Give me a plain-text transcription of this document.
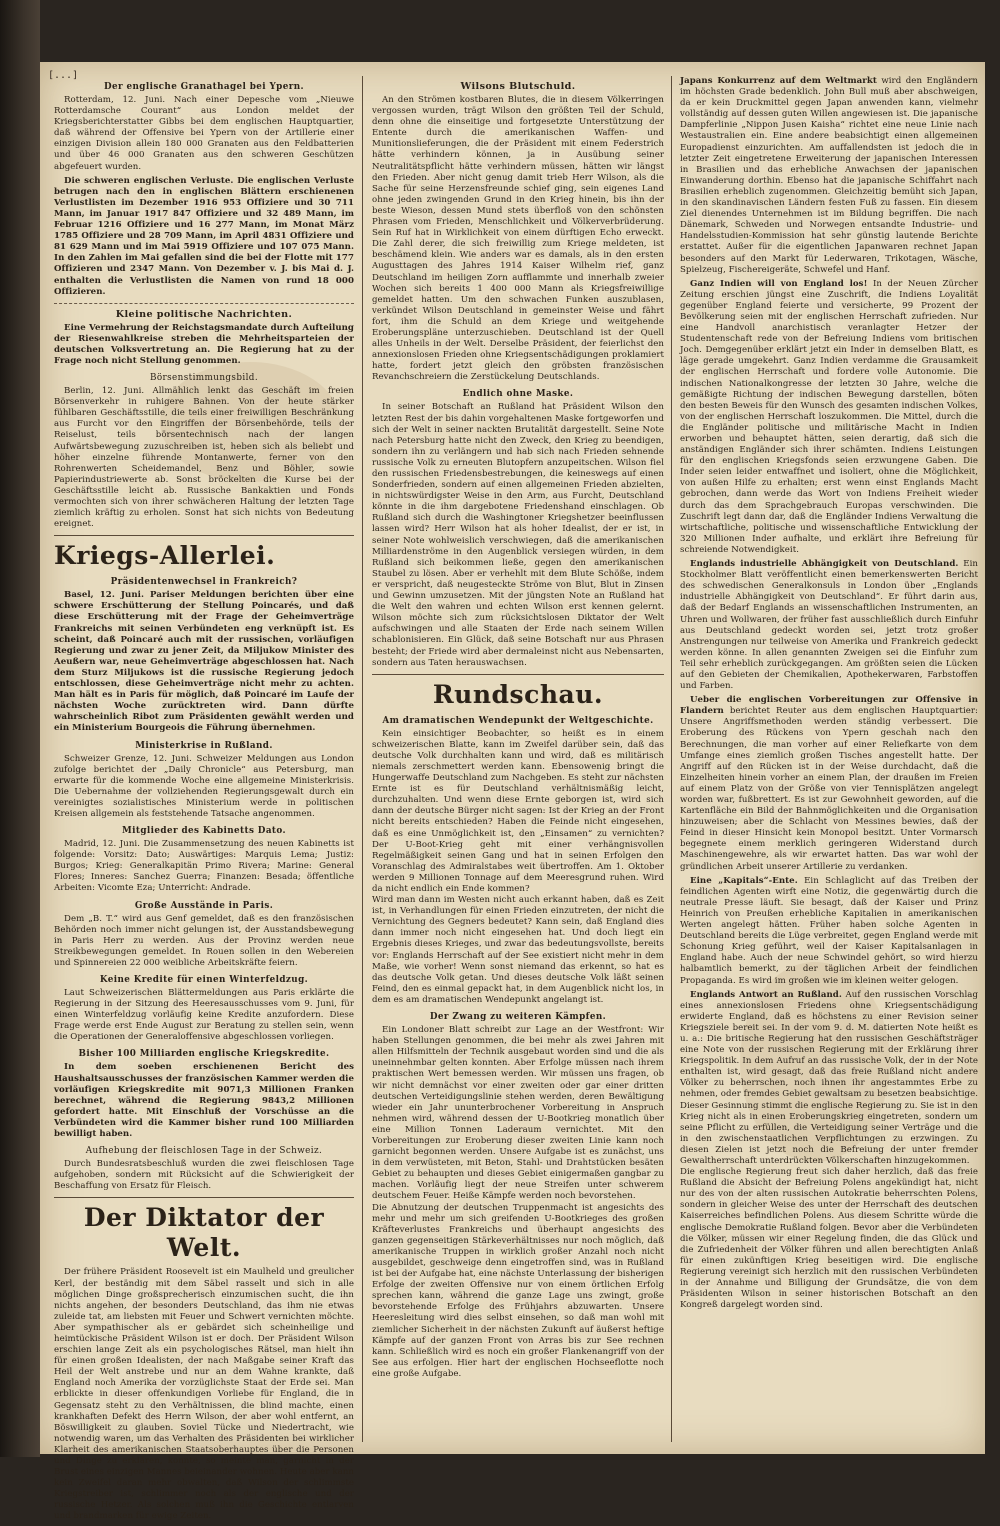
[...]
Der englische Granathagel bei Ypern.

Rotterdam, 12. Juni. Nach einer Depesche vom „Nieuwe Rotterdamsche Courant“ aus London meldet der Kriegsberichterstatter Gibbs bei dem englischen Hauptquartier, daß während der Offensive bei Ypern von der Artillerie einer einzigen Division allein 180 000 Granaten aus den Feldbatterien und über 46 000 Granaten aus den schweren Geschützen abgefeuert wurden.

Die schweren englischen Verluste. Die englischen Verluste betrugen nach den in englischen Blättern erschienenen Verlustlisten im Dezember 1916 953 Offiziere und 30 711 Mann, im Januar 1917 847 Offiziere und 32 489 Mann, im Februar 1216 Offiziere und 16 277 Mann, im Monat März 1785 Offiziere und 28 709 Mann, im April 4831 Offiziere und 81 629 Mann und im Mai 5919 Offiziere und 107 075 Mann. In den Zahlen im Mai gefallen sind die bei der Flotte mit 177 Offizieren und 2347 Mann. Von Dezember v. J. bis Mai d. J. enthalten die Verlustlisten die Namen von rund 18 000 Offizieren.

Kleine politische Nachrichten.

Eine Vermehrung der Reichstagsmandate durch Aufteilung der Riesenwahlkreise streben die Mehrheitsparteien der deutschen Volksvertretung an. Die Regierung hat zu der Frage noch nicht Stellung genommen.

Börsenstimmungsbild.

Berlin, 12. Juni. Allmählich lenkt das Geschäft im freien Börsenverkehr in ruhigere Bahnen. Von der heute stärker fühlbaren Geschäftsstille, die teils einer freiwilligen Beschränkung aus Furcht vor den Eingriffen der Börsenbehörde, teils der Reiselust, teils börsentechnisch nach der langen Aufwärtsbewegung zuzuschreiben ist, heben sich als beliebt und höher einzelne führende Montanwerte, ferner von den Rohrenwerten Scheidemandel, Benz und Böhler, sowie Papierindustriewerte ab. Sonst bröckelten die Kurse bei der Geschäftsstille leicht ab. Russische Bankaktien und Fonds vermochten sich von ihrer schwächeren Haltung der letzten Tage ziemlich kräftig zu erholen. Sonst hat sich nichts von Bedeutung ereignet.

Kriegs-Allerlei.
Präsidentenwechsel in Frankreich?

Basel, 12. Juni. Pariser Meldungen berichten über eine schwere Erschütterung der Stellung Poincarés, und daß diese Erschütterung mit der Frage der Geheimverträge Frankreichs mit seinen Verbündeten eng verknüpft ist. Es scheint, daß Poincaré auch mit der russischen, vorläufigen Regierung und zwar zu jener Zeit, da Miljukow Minister des Aeußern war, neue Geheimverträge abgeschlossen hat. Nach dem Sturz Miljukows ist die russische Regierung jedoch entschlossen, diese Geheimverträge nicht mehr zu achten. Man hält es in Paris für möglich, daß Poincaré im Laufe der nächsten Woche zurücktreten wird. Dann dürfte wahrscheinlich Ribot zum Präsidenten gewählt werden und ein Ministerium Bourgeois die Führung übernehmen.

Ministerkrise in Rußland.

Schweizer Grenze, 12. Juni. Schweizer Meldungen aus London zufolge berichtet der „Daily Chronicle“ aus Petersburg, man erwarte für die kommende Woche eine allgemeine Ministerkrisis. Die Uebernahme der vollziehenden Regierungsgewalt durch ein vereinigtes sozialistisches Ministerium werde in politischen Kreisen allgemein als feststehende Tatsache angenommen.

Mitglieder des Kabinetts Dato.

Madrid, 12. Juni. Die Zusammensetzung des neuen Kabinetts ist folgende: Vorsitz: Dato; Auswärtiges: Marquis Lema; Justiz: Burgos; Krieg: Generalkapitän Primo Rivera; Marine: General Flores; Inneres: Sanchez Guerra; Finanzen: Besada; öffentliche Arbeiten: Vicomte Eza; Unterricht: Andrade.

Große Ausstände in Paris.

Dem „B. T.“ wird aus Genf gemeldet, daß es den französischen Behörden noch immer nicht gelungen ist, der Ausstandsbewegung in Paris Herr zu werden. Aus der Provinz werden neue Streikbewegungen gemeldet. In Rouen sollen in den Webereien und Spinnereien 22 000 weibliche Arbeitskräfte feiern.

Keine Kredite für einen Winterfeldzug.

Laut Schweizerischen Blättermeldungen aus Paris erklärte die Regierung in der Sitzung des Heeresausschusses vom 9. Juni, für einen Winterfeldzug vorläufig keine Kredite anzufordern. Diese Frage werde erst Ende August zur Beratung zu stellen sein, wenn die Operationen der Generaloffensive abgeschlossen vorliegen.

Bisher 100 Milliarden englische Kriegskredite.

In dem soeben erschienenen Bericht des Haushaltsausschusses der französischen Kammer werden die vorläufigen Kriegskredite mit 9071,3 Millionen Franken berechnet, während die Regierung 9843,2 Millionen gefordert hatte. Mit Einschluß der Vorschüsse an die Verbündeten wird die Kammer bisher rund 100 Milliarden bewilligt haben.

Aufhebung der fleischlosen Tage in der Schweiz.

Durch Bundesratsbeschluß wurden die zwei fleischlosen Tage aufgehoben, sondern mit Rücksicht auf die Schwierigkeit der Beschaffung von Ersatz für Fleisch.

Der Diktator der Welt.

Der frühere Präsident Roosevelt ist ein Maulheld und greulicher Kerl, der beständig mit dem Säbel rasselt und sich in alle möglichen Dinge großsprecherisch einzumischen sucht, die ihn nichts angehen, der besonders Deutschland, das ihm nie etwas zuleide tat, am liebsten mit Feuer und Schwert vernichten möchte. Aber sympathischer als er gebärdet sich scheinheilige und heimtückische Präsident Wilson ist er doch. Der Präsident Wilson erschien lange Zeit als ein psychologisches Rätsel, man hielt ihn für einen großen Idealisten, der nach Maßgabe seiner Kraft das Heil der Welt anstrebe und nur an dem Wahne krankte, daß England noch Amerika der vorzüglichste Staat der Erde sei. Man erblickte in dieser offenkundigen Vorliebe für England, die in Gegensatz steht zu den Verhältnissen, die blind machte, einen krankhaften Defekt des Herrn Wilson, der aber wohl entfernt, an Böswilligkeit zu glauben. Soviel Tücke und Niedertracht, wie notwendig waren, um das Verhalten des Präsidenten bei wirklicher Klarheit des amerikanischen Staatsoberhauptes über die Personen und Dinge zu erklären, konnte, so meinte man, garnicht in der Brust eines einzigen Mannes beieinander wohnen. Heute aber kann kein Zweifel daran mehr obwalten, daß Wilson der schlimmste Kriegstreiber ist, schlimmer noch als der englische und der russische Hetzer. Als solchen muß ihn die Geschichte entlarven und brandmarken für ewige Zeiten.

Wilsons Blutschuld.

An den Strömen kostbaren Blutes, die in diesem Völkerringen vergossen wurden, trägt Wilson den größten Teil der Schuld, denn ohne die einseitige und fortgesetzte Unterstützung der Entente durch die amerikanischen Waffen- und Munitionslieferungen, die der Präsident mit einem Federstrich hätte verhindern können, ja in Ausübung seiner Neutralitätspflicht hätte verhindern müssen, hätten wir längst den Frieden. Aber nicht genug damit trieb Herr Wilson, als die Sache für seine Herzensfreunde schief ging, sein eigenes Land ohne jeden zwingenden Grund in den Krieg hinein, bis ihn der beste Wieson, dessen Mund stets überfloß von den schönsten Phrasen vom Frieden, Menschlichkeit und Völkerverbrüderung. Sein Ruf hat in Wirklichkeit von einem dürftigen Echo erweckt. Die Zahl derer, die sich freiwillig zum Kriege meldeten, ist beschämend klein. Wie anders war es damals, als in den ersten Augusttagen des Jahres 1914 Kaiser Wilhelm rief, ganz Deutschland im heiligen Zorn aufflammte und innerhalb zweier Wochen sich bereits 1 400 000 Mann als Kriegsfreiwillige gemeldet hatten. Um den schwachen Funken auszublasen, verkündet Wilson Deutschland in gemeinster Weise und fährt fort, ihm die Schuld an dem Kriege und weitgehende Eroberungspläne unterzuschieben. Deutschland ist der Quell alles Unheils in der Welt. Derselbe Präsident, der feierlichst den annexionslosen Frieden ohne Kriegsentschädigungen proklamiert hatte, fordert jetzt gleich den gröbsten französischen Revanchschreiern die Zerstückelung Deutschlands.

Endlich ohne Maske.

In seiner Botschaft an Rußland hat Präsident Wilson den letzten Rest der bis dahin vorgehaltenen Maske fortgeworfen und sich der Welt in seiner nackten Brutalität dargestellt. Seine Note nach Petersburg hatte nicht den Zweck, den Krieg zu beendigen, sondern ihn zu verlängern und hab sich nach Frieden sehnende russische Volk zu erneuten Blutopfern anzupeitschen. Wilson fiel den russischen Friedensbestrebungen, die keineswegs auf einen Sonderfrieden, sondern auf einen allgemeinen Frieden abzielten, in nichtswürdigster Weise in den Arm, aus Furcht, Deutschland könnte in die ihm dargebotene Friedenshand einschlagen. Ob Rußland sich durch die Washingtoner Kriegshetzer beeinflussen lassen wird? Herr Wilson hat als hoher Idealist, der er ist, in seiner Note wohlweislich verschwiegen, daß die amerikanischen Milliardenströme in den Augenblick versiegen würden, in dem Rußland sich beikommen ließe, gegen den amerikanischen Staubel zu lösen. Aber er verhehlt mit dem Blute Schöße, indem er verspricht, daß neugesteckte Ströme von Blut, Blut in Zinsen und Gewinn umzusetzen. Mit der jüngsten Note an Rußland hat die Welt den wahren und echten Wilson erst kennen gelernt. Wilson möchte sich zum rücksichtslosen Diktator der Welt aufschwingen und alle Staaten der Erde nach seinem Willen schablonisieren. Ein Glück, daß seine Botschaft nur aus Phrasen besteht; der Friede wird aber dermaleinst nicht aus Nebensarten, sondern aus Taten herauswachsen.

Rundschau.
Am dramatischen Wendepunkt der Weltgeschichte.

Kein einsichtiger Beobachter, so heißt es in einem schweizerischen Blatte, kann im Zweifel darüber sein, daß das deutsche Volk durchhalten kann und wird, daß es militärisch niemals zerschmettert werden kann. Ebensowenig bringt die Hungerwaffe Deutschland zum Nachgeben. Es steht zur nächsten Ernte ist es für Deutschland verhältnismäßig leicht, durchzuhalten. Und wenn diese Ernte geborgen ist, wird sich dann der deutsche Bürger nicht sagen: Ist der Krieg an der Front nicht bereits entschieden? Haben die Feinde nicht eingesehen, daß es eine Unmöglichkeit ist, den „Einsamen“ zu vernichten? Der U-Boot-Krieg geht mit einer verhängnisvollen Regelmäßigkeit seinen Gang und hat in seinen Erfolgen den Voranschlag des Admiralstabes weit übertroffen. Am 1. Oktober werden 9 Millionen Tonnage auf dem Meeresgrund ruhen. Wird da nicht endlich ein Ende kommen?
Wird man dann im Westen nicht auch erkannt haben, daß es Zeit ist, in Verhandlungen für einen Frieden einzutreten, der nicht die Vernichtung des Gegners bedeutet? Kann sein, daß England dies dann immer noch nicht eingesehen hat. Und doch liegt ein Ergebnis dieses Krieges, und zwar das bedeutungsvollste, bereits vor: Englands Herrschaft auf der See existiert nicht mehr in dem Maße, wie vorher! Wenn sonst niemand das erkennt, so hat es das deutsche Volk getan. Und dieses deutsche Volk läßt seinen Feind, den es einmal gepackt hat, in dem Augenblick nicht los, in dem es am dramatischen Wendepunkt angelangt ist.

Der Zwang zu weiteren Kämpfen.

Ein Londoner Blatt schreibt zur Lage an der Westfront: Wir haben Stellungen genommen, die bei mehr als zwei Jahren mit allen Hilfsmitteln der Technik ausgebaut worden sind und die als uneinnehmbar gelten konnten. Aber Erfolge müssen nach ihrem praktischen Wert bemessen werden. Wir müssen uns fragen, ob wir nicht demnächst vor einer zweiten oder gar einer dritten deutschen Verteidigungslinie stehen werden, deren Bewältigung wieder ein Jahr ununterbrochener Vorbereitung in Anspruch nehmen wird, während dessen der U-Bootkrieg monatlich über eine Million Tonnen Laderaum vernichtet. Mit den Vorbereitungen zur Eroberung dieser zweiten Linie kann noch garnicht begonnen werden. Unsere Aufgabe ist es zunächst, uns in dem verwüsteten, mit Beton, Stahl- und Drahtstücken besäten Gebiet zu behaupten und dieses Gebiet einigermaßen gangbar zu machen. Vorläufig liegt der neue Streifen unter schwerem deutschem Feuer. Heiße Kämpfe werden noch bevorstehen.
Die Abnutzung der deutschen Truppenmacht ist angesichts des mehr und mehr um sich greifenden U-Bootkrieges des großen Kräfteverlustes Frankreichs und überhaupt angesichts des ganzen gegenseitigen Stärkeverhältnisses nur noch möglich, daß amerikanische Truppen in wirklich großer Anzahl noch nicht ausgebildet, geschweige denn eingetroffen sind, was in Rußland ist bei der Aufgabe hat, eine nächste Unterlassung der bisherigen Erfolge der zweiten Offensive nur von einem örtlichen Erfolg sprechen kann, während die ganze Lage uns zwingt, große bevorstehende Erfolge des Frühjahrs abzuwarten. Unsere Heeresleitung wird dies selbst einsehen, so daß man wohl mit ziemlicher Sicherheit in der nächsten Zukunft auf äußerst heftige Kämpfe auf der ganzen Front von Arras bis zur See rechnen kann. Schließlich wird es noch ein großer Flankenangriff von der See aus erfolgen. Hier hart der englischen Hochseeflotte noch eine große Aufgabe.

Japans Konkurrenz auf dem Weltmarkt wird den Engländern im höchsten Grade bedenklich. John Bull muß aber abschweigen, da er kein Druckmittel gegen Japan anwenden kann, vielmehr vollständig auf dessen guten Willen angewiesen ist. Die japanische Dampferlinie „Nippon Jusen Kaisha“ richtet eine neue Linie nach Westaustralien ein. Eine andere beabsichtigt einen allgemeinen Europadienst einzurichten. Am auffallendsten ist jedoch die in letzter Zeit eingetretene Erweiterung der japanischen Interessen in Brasilien und das erhebliche Anwachsen der japanischen Einwanderung dorthin. Ebenso hat die japanische Schiffahrt nach Brasilien erheblich zugenommen. Gleichzeitig bemüht sich Japan, in den skandinavischen Ländern festen Fuß zu fassen. Ein diesem Ziel dienendes Unternehmen ist im Bildung begriffen. Die nach Dänemark, Schweden und Norwegen entsandte Industrie- und Handelsstudien-Kommission hat sehr günstig lautende Berichte erstattet. Außer für die eigentlichen Japanwaren rechnet Japan besonders auf den Markt für Lederwaren, Trikotagen, Wäsche, Spielzeug, Fischereigeräte, Schwefel und Hanf.

Ganz Indien will von England los! In der Neuen Zürcher Zeitung erschien jüngst eine Zuschrift, die Indiens Loyalität gegenüber England feierte und versicherte, 99 Prozent der Bevölkerung seien mit der englischen Herrschaft zufrieden. Nur eine Handvoll anarchistisch veranlagter Hetzer der Studentenschaft rede von der Befreiung Indiens vom britischen Joch. Demgegenüber erklärt jetzt ein Inder in demselben Blatt, es läge gerade umgekehrt. Ganz Indien verdamme die Grausamkeit der englischen Herrschaft und fordere volle Autonomie. Die indischen Nationalkongresse der letzten 30 Jahre, welche die gemäßigte Richtung der indischen Bewegung darstellen, böten den besten Beweis für den Wunsch des gesamten indischen Volkes, von der englischen Herrschaft loszukommen. Die Mittel, durch die die Engländer politische und militärische Macht in Indien erworben und behauptet hätten, seien derartig, daß sich die anständigen Engländer sich ihrer schämten. Indiens Leistungen für den englischen Kriegsfonds seien erzwungene Gaben. Die Inder seien leider entwaffnet und isoliert, ohne die Möglichkeit, von außen Hilfe zu erhalten; erst wenn einst Englands Macht gebrochen, dann werde das Wort von Indiens Freiheit wieder durch das dem Sprachgebrauch Europas verschwinden. Die Zuschrift legt dann dar, daß die Engländer Indiens Verwaltung die wirtschaftliche, politische und wissenschaftliche Entwicklung der 320 Millionen Inder aufhalte, und erklärt ihre Befreiung für schreiende Notwendigkeit.

Englands industrielle Abhängigkeit von Deutschland. Ein Stockholmer Blatt veröffentlicht einen bemerkenswerten Bericht des schwedischen Generalkonsuls in London über „Englands industrielle Abhängigkeit von Deutschland“. Er führt darin aus, daß der Bedarf Englands an wissenschaftlichen Instrumenten, an Uhren und Wollwaren, der früher fast ausschließlich durch Einfuhr aus Deutschland gedeckt worden sei, jetzt trotz großer Anstrengungen nur teilweise von Amerika und Frankreich gedeckt werden könne. In allen genannten Zweigen sei die Einfuhr zum Teil sehr erheblich zurückgegangen. Am größten seien die Lücken auf den Gebieten der Chemikalien, Apothekerwaren, Farbstoffen und Farben.

Ueber die englischen Vorbereitungen zur Offensive in Flandern berichtet Reuter aus dem englischen Hauptquartier: Unsere Angriffsmethoden werden ständig verbessert. Die Eroberung des Rückens von Ypern geschah nach den Berechnungen, die man vorher auf einer Reliefkarte von dem Umfange eines ziemlich großen Tisches angestellt hatte. Der Angriff auf den Rücken ist in der Weise durchdacht, daß die Einzelheiten hinein vorher an einem Plan, der draußen im Freien auf einem Platz von der Größe von vier Tennisplätzen angelegt worden war, fußbrettert. Es ist zur Gewohnheit geworden, auf die Kartenfläche ein Bild der Bahnmöglichkeiten und die Organisation hinzuweisen; aber die Schlacht von Messines bewies, daß der Feind in dieser Hinsicht kein Monopol besitzt. Unter Vormarsch begegnete einem merklich geringeren Widerstand durch Maschinengewehre, als wir erwartet hatten. Das war wohl der gründlichen Arbeit unserer Artillerie zu verdanken.

Eine „Kapitals“-Ente. Ein Schlaglicht auf das Treiben der feindlichen Agenten wirft eine Notiz, die gegenwärtig durch die neutrale Presse läuft. Sie besagt, daß der Kaiser und Prinz Heinrich von Preußen erhebliche Kapitalien in amerikanischen Werten angelegt hätten. Früher haben solche Agenten in Deutschland bereits die Lüge verbreitet, gegen England werde mit Schonung Krieg geführt, weil der Kaiser Kapitalsanlagen in England habe. Auch der neue Schwindel gehört, so wird hierzu halbamtlich bemerkt, zu der täglichen Arbeit der feindlichen Propaganda. Es wird im großen wie im kleinen weiter gelogen.

Englands Antwort an Rußland. Auf den russischen Vorschlag eines annexionslosen Friedens ohne Kriegsentschädigung erwiderte England, daß es höchstens zu einer Revision seiner Kriegsziele bereit sei. In der vom 9. d. M. datierten Note heißt es u. a.: Die britische Regierung hat den russischen Geschäftsträger eine Note von der russischen Regierung mit der Erklärung ihrer Kriegspolitik. In dem Aufruf an das russische Volk, der in der Note enthalten ist, wird gesagt, daß das freie Rußland nicht andere Völker zu beherrschen, noch ihnen ihr angestammtes Erbe zu nehmen, oder fremdes Gebiet gewaltsam zu besetzen beabsichtige. Dieser Gesinnung stimmt die englische Regierung zu. Sie ist in den Krieg nicht als in einen Eroberungskrieg eingetreten, sondern um seine Pflicht zu erfüllen, die Verteidigung seiner Verträge und die in den zwischenstaatlichen Verpflichtungen zu erzwingen. Zu diesen Zielen ist jetzt noch die Befreiung der unter fremder Gewaltherrschaft unterdrückten Völkerschaften hinzugekommen.
Die englische Regierung freut sich daher herzlich, daß das freie Rußland die Absicht der Befreiung Polens angekündigt hat, nicht nur des von der alten russischen Autokratie beherrschten Polens, sondern in gleicher Weise des unter der Herrschaft des deutschen Kaiserreiches befindlichen Polens. Aus diesem Schritte würde die englische Demokratie Rußland folgen. Bevor aber die Verbündeten die Völker, müssen wir einer Regelung finden, die das Glück und die Zufriedenheit der Völker führen und allen berechtigten Anlaß für einen zukünftigen Krieg beseitigen wird. Die englische Regierung vereinigt sich herzlich mit den russischen Verbündeten in der Annahme und Billigung der Grundsätze, die von dem Präsidenten Wilson in seiner historischen Botschaft an den Kongreß dargelegt worden sind.
